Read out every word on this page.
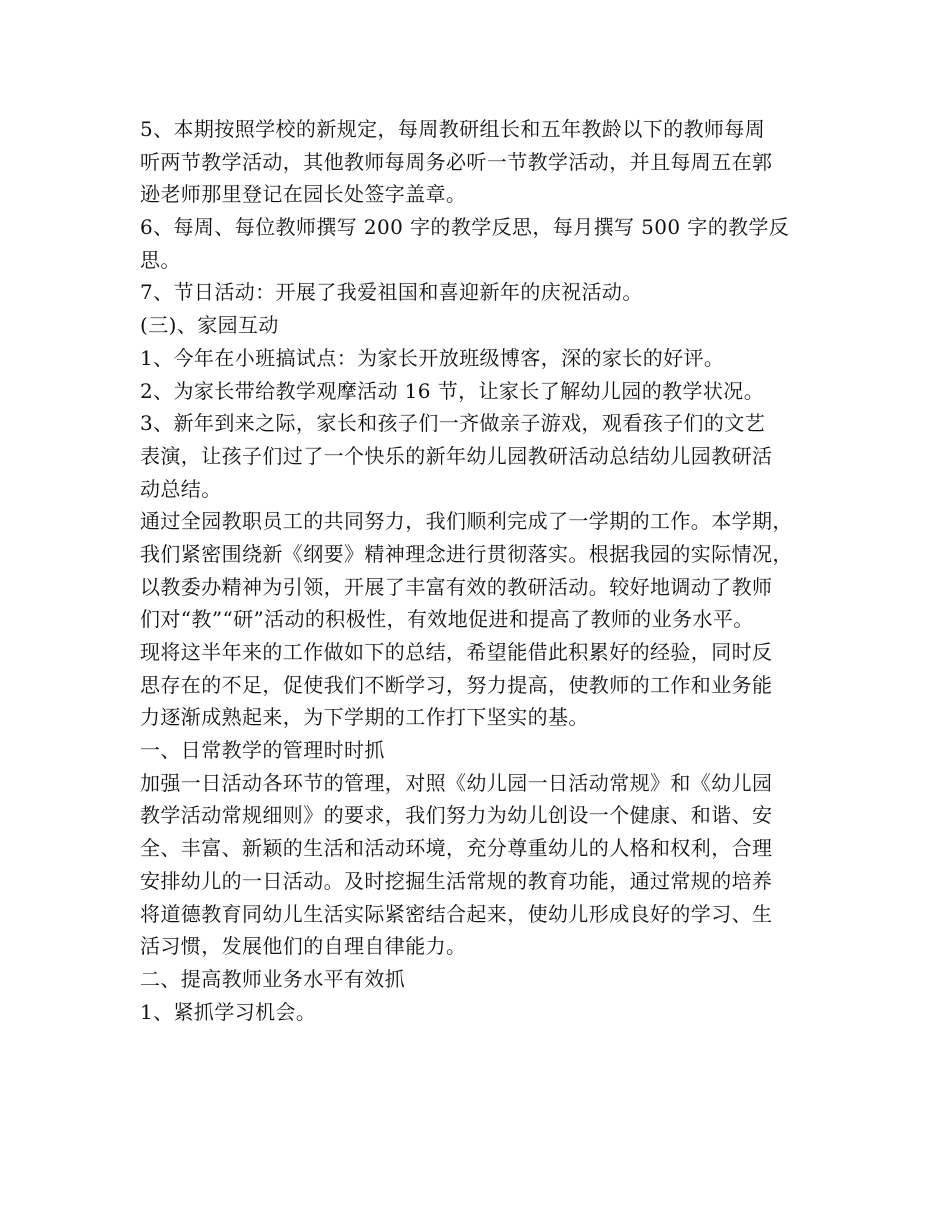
5、本期按照学校的新规定，每周教研组长和五年教龄以下的教师每周
听两节教学活动，其他教师每周务必听一节教学活动，并且每周五在郭
逊老师那里登记在园长处签字盖章。
6、每周、每位教师撰写 200 字的教学反思，每月撰写 500 字的教学反
思。
7、节日活动：开展了我爱祖国和喜迎新年的庆祝活动。
(三)、家园互动
1、今年在小班搞试点：为家长开放班级博客，深的家长的好评。
2、为家长带给教学观摩活动 16 节，让家长了解幼儿园的教学状况。
3、新年到来之际，家长和孩子们一齐做亲子游戏，观看孩子们的文艺
表演，让孩子们过了一个快乐的新年幼儿园教研活动总结幼儿园教研活
动总结。
通过全园教职员工的共同努力，我们顺利完成了一学期的工作。本学期，
我们紧密围绕新《纲要》精神理念进行贯彻落实。根据我园的实际情况，
以教委办精神为引领，开展了丰富有效的教研活动。较好地调动了教师
们对“教”“研”活动的积极性，有效地促进和提高了教师的业务水平。
现将这半年来的工作做如下的总结，希望能借此积累好的经验，同时反
思存在的不足，促使我们不断学习，努力提高，使教师的工作和业务能
力逐渐成熟起来，为下学期的工作打下坚实的基。
一、日常教学的管理时时抓
加强一日活动各环节的管理，对照《幼儿园一日活动常规》和《幼儿园
教学活动常规细则》的要求，我们努力为幼儿创设一个健康、和谐、安
全、丰富、新颖的生活和活动环境，充分尊重幼儿的人格和权利，合理
安排幼儿的一日活动。及时挖掘生活常规的教育功能，通过常规的培养
将道德教育同幼儿生活实际紧密结合起来，使幼儿形成良好的学习、生
活习惯，发展他们的自理自律能力。
二、提高教师业务水平有效抓
1、紧抓学习机会。
